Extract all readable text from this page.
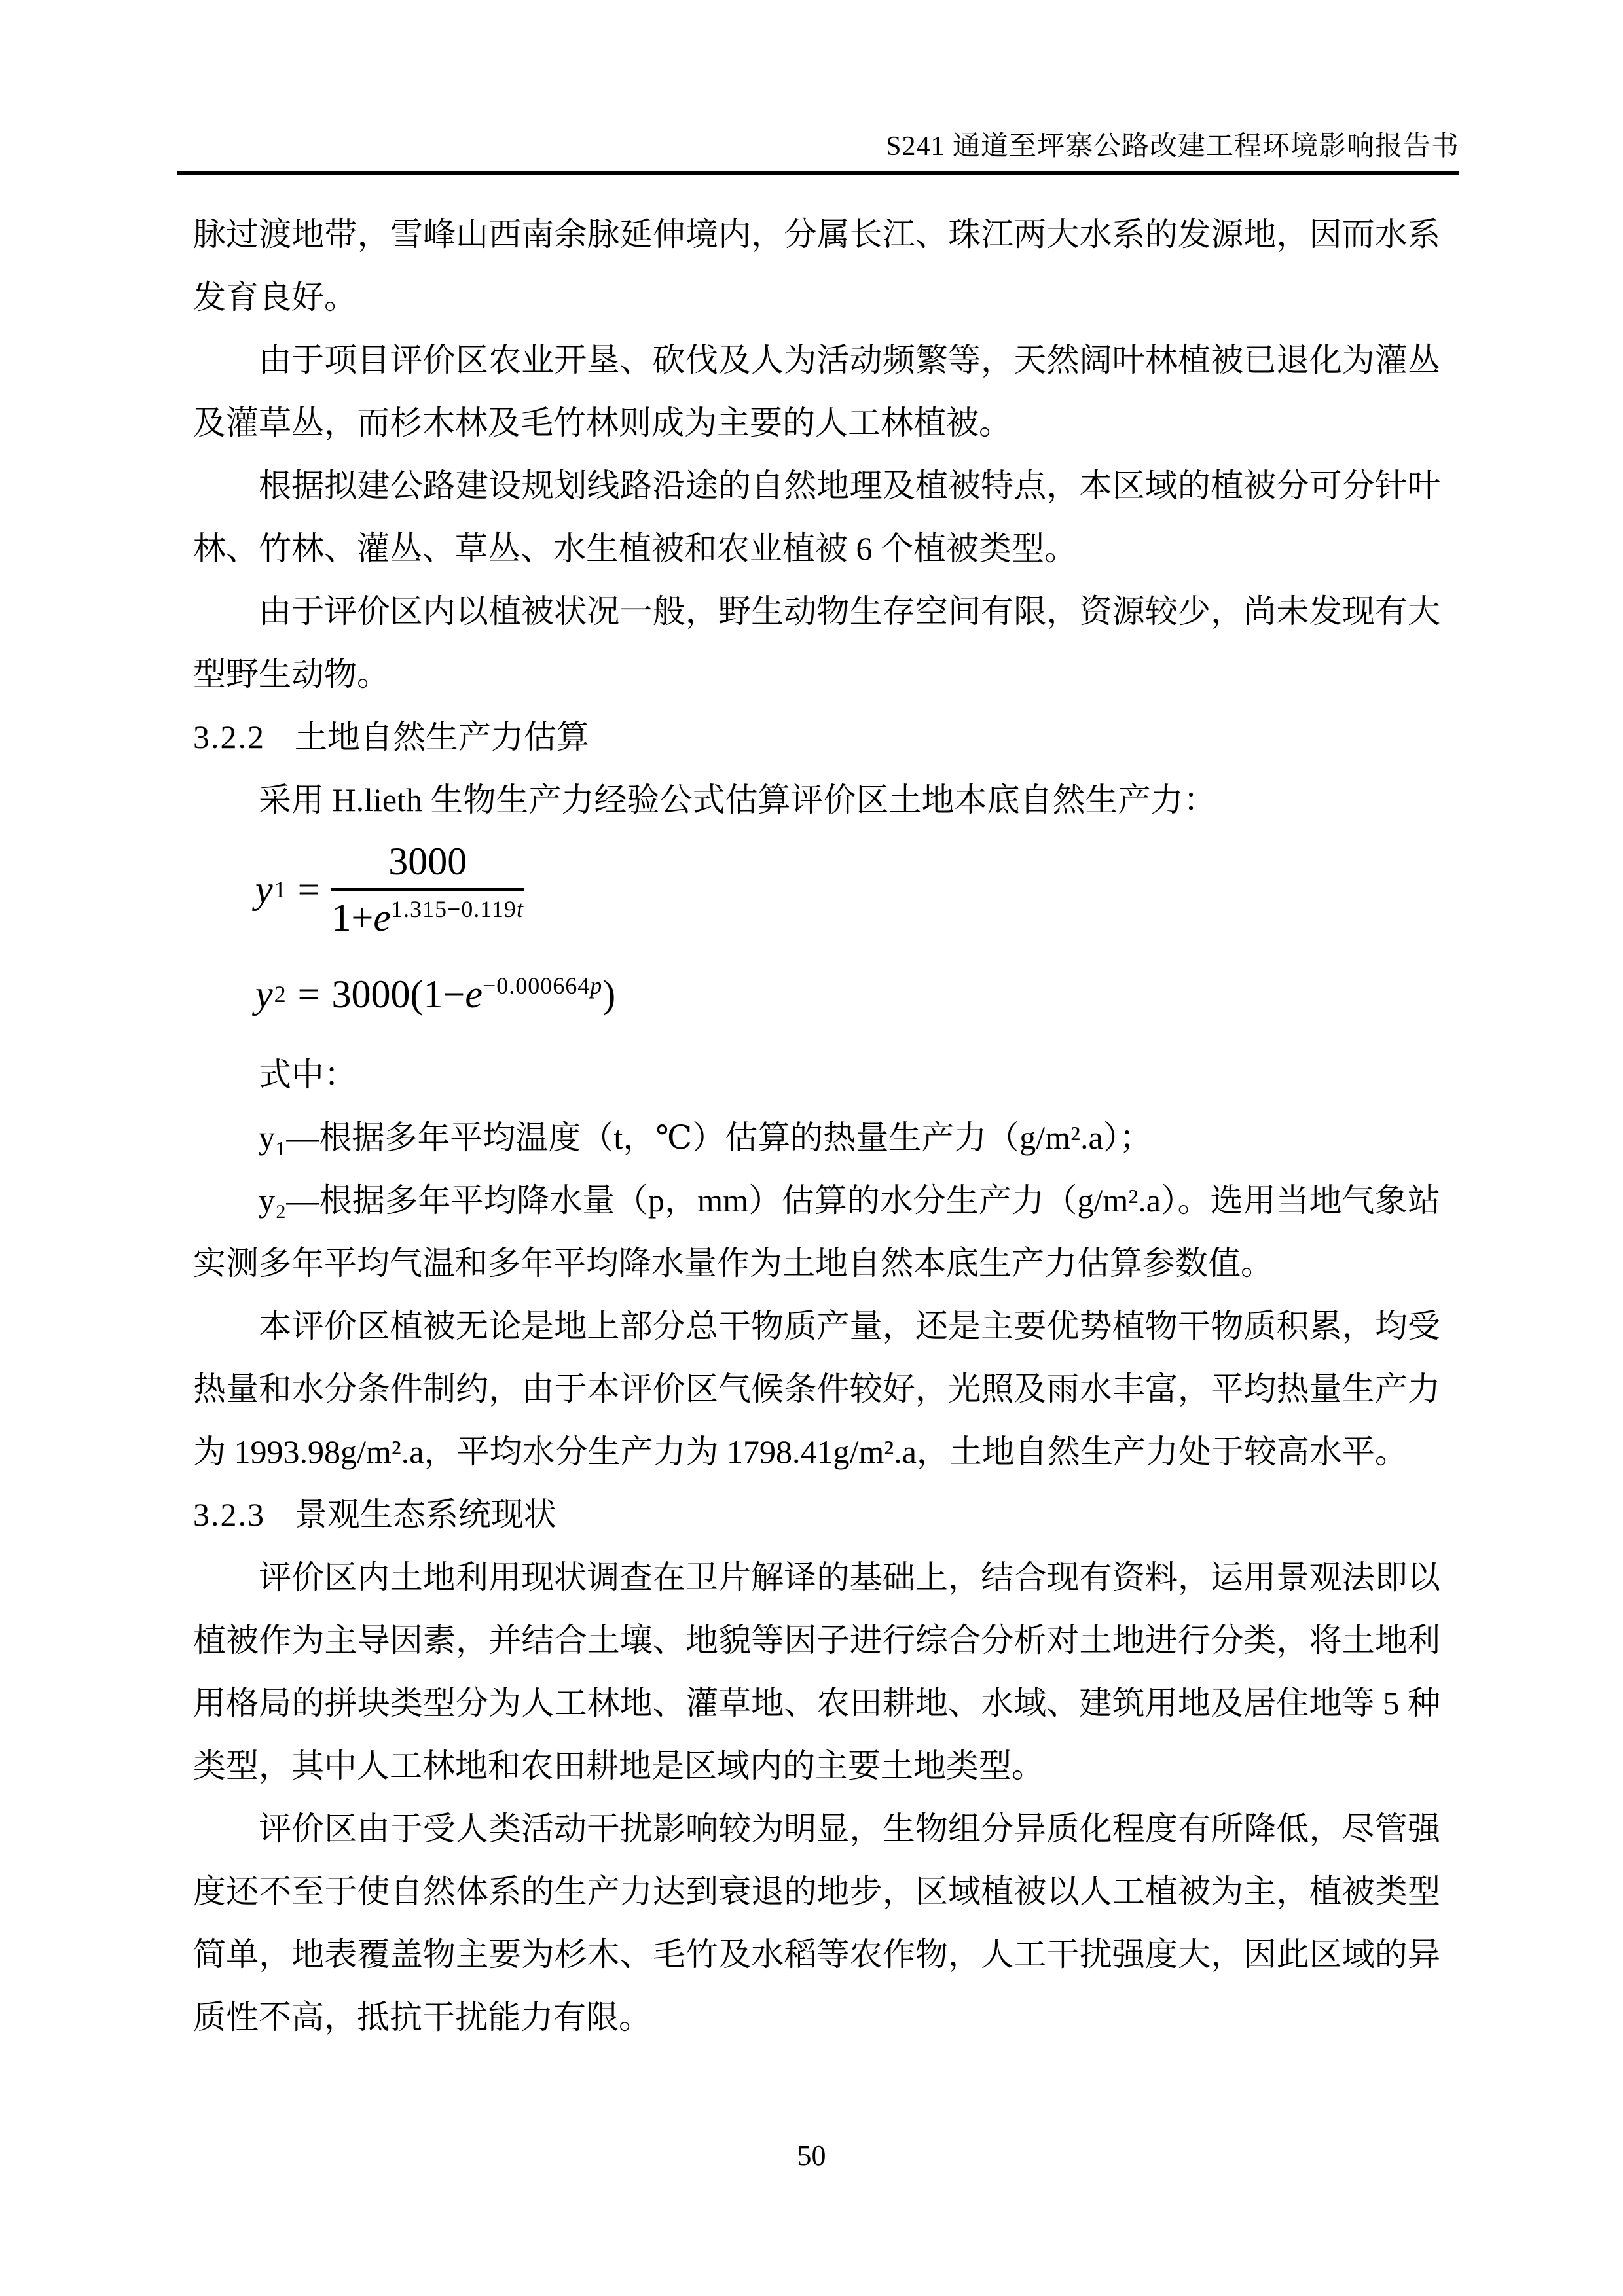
S241 通道至坪寨公路改建工程环境影响报告书

脉过渡地带，雪峰山西南余脉延伸境内，分属长江、珠江两大水系的发源地，因而水系发育良好。

由于项目评价区农业开垦、砍伐及人为活动频繁等，天然阔叶林植被已退化为灌丛及灌草丛，而杉木林及毛竹林则成为主要的人工林植被。

根据拟建公路建设规划线路沿途的自然地理及植被特点，本区域的植被分可分针叶林、竹林、灌丛、草丛、水生植被和农业植被 6 个植被类型。

由于评价区内以植被状况一般，野生动物生存空间有限，资源较少，尚未发现有大型野生动物。

3.2.2 土地自然生产力估算

采用 H.lieth 生物生产力经验公式估算评价区土地本底自然生产力：

y $1 = \frac{3000}{1+e^{1.315-0.119t}}$
y $2 = 3000(1-e^{-0.000664p})$

式中：

y₁—根据多年平均温度（t，℃）估算的热量生产力（g/m².a）；

y₂—根据多年平均降水量（p，mm）估算的水分生产力（g/m².a）。选用当地气象站实测多年平均气温和多年平均降水量作为土地自然本底生产力估算参数值。

本评价区植被无论是地上部分总干物质产量，还是主要优势植物干物质积累，均受热量和水分条件制约，由于本评价区气候条件较好，光照及雨水丰富，平均热量生产力为 1993.98g/m².a，平均水分生产力为 1798.41g/m².a，土地自然生产力处于较高水平。

3.2.3 景观生态系统现状

评价区内土地利用现状调查在卫片解译的基础上，结合现有资料，运用景观法即以植被作为主导因素，并结合土壤、地貌等因子进行综合分析对土地进行分类，将土地利用格局的拼块类型分为人工林地、灌草地、农田耕地、水域、建筑用地及居住地等 5 种类型，其中人工林地和农田耕地是区域内的主要土地类型。

评价区由于受人类活动干扰影响较为明显，生物组分异质化程度有所降低，尽管强度还不至于使自然体系的生产力达到衰退的地步，区域植被以人工植被为主，植被类型简单，地表覆盖物主要为杉木、毛竹及水稻等农作物，人工干扰强度大，因此区域的异质性不高，抵抗干扰能力有限。

50
